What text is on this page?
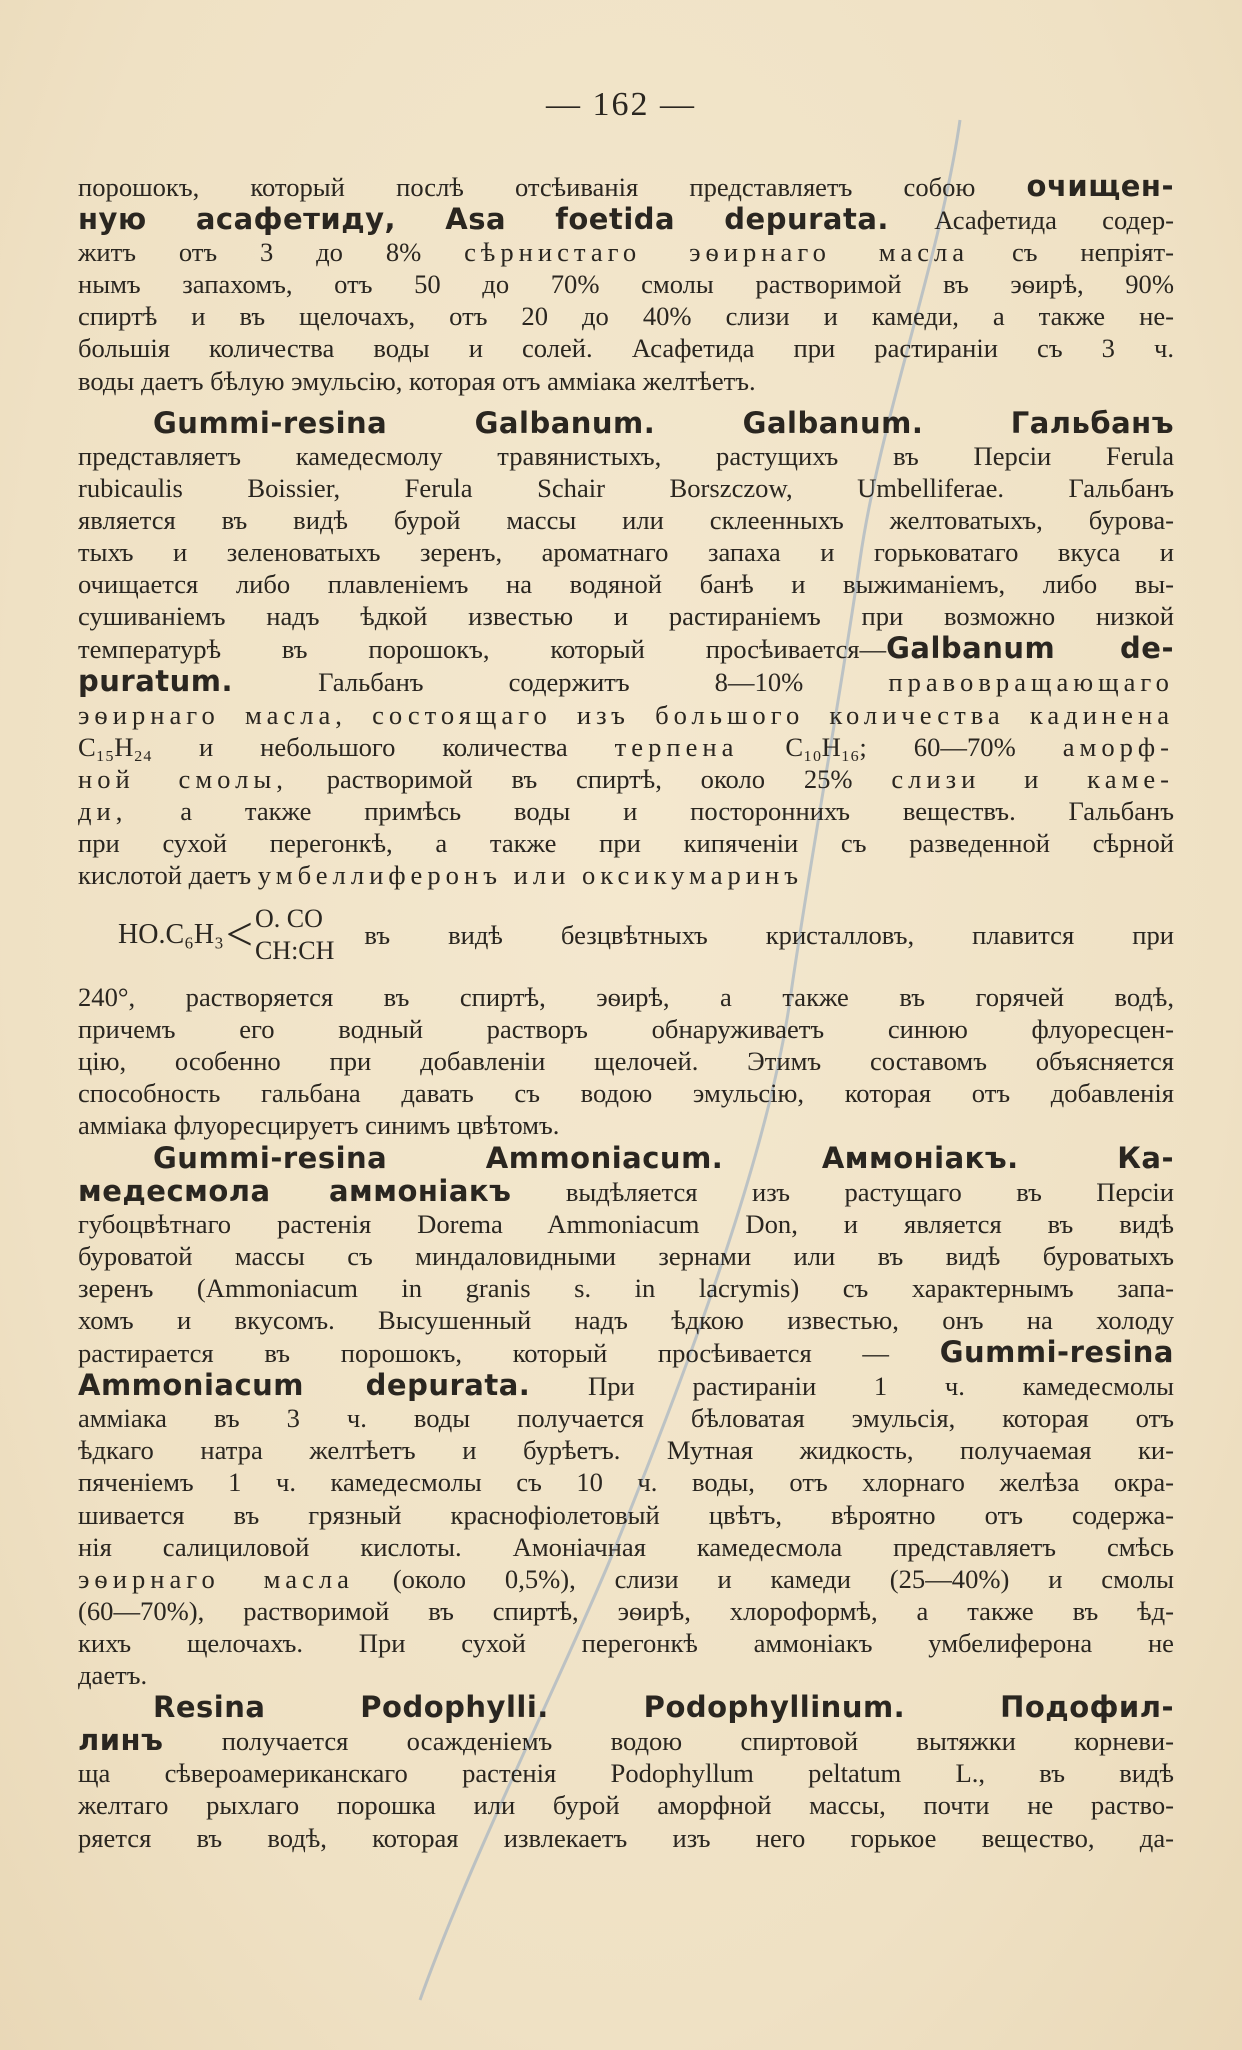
— 162 —

порошокъ, который послѣ отсѣиванія представляетъ собою очищен-

ную асафетиду, Asa foetida depurata. Асафетида содер-

житъ отъ 3 до 8% сѣрнистаго эѳирнаго масла съ непріят-

нымъ запахомъ, отъ 50 до 70% смолы растворимой въ эѳирѣ, 90%

спиртѣ и въ щелочахъ, отъ 20 до 40% слизи и камеди, а также не-

большія количества воды и солей. Асафетида при растираніи съ 3 ч.

воды даетъ бѣлую эмульсію, которая отъ амміака желтѣетъ.

Gummi-resina Galbanum. Galbanum. Гальбанъ

представляетъ камедесмолу травянистыхъ, растущихъ въ Персіи Ferula

rubicaulis Boissier, Ferula Schair Borszczow, Umbelliferae. Гальбанъ

является въ видѣ бурой массы или склеенныхъ желтоватыхъ, бурова-

тыхъ и зеленоватыхъ зеренъ, ароматнаго запаха и горьковатаго вкуса и

очищается либо плавленіемъ на водяной банѣ и выжиманіемъ, либо вы-

сушиваніемъ надъ ѣдкой известью и растираніемъ при возможно низкой

температурѣ въ порошокъ, который просѣивается—Galbanum de-

puratum.	Гальбанъ содержитъ 8—10%	правовращающаго

эѳирнаго масла, состоящаго изъ большого количества кадинена

C₁₅H₂₄ и небольшого количества терпена C₁₀H₁₆; 60—70% аморф-

ной смолы, растворимой въ спиртѣ, около 25% слизи и каме-

ди, а также примѣсь воды и постороннихъ веществъ. Гальбанъ

при сухой перегонкѣ, а также при кипяченіи съ разведенной сѣрной

кислотой даетъ умбеллиферонъ или оксикумаринъ

HO.C₆H₃ < O. CO
CH:CH
въ видѣ безцвѣтныхъ кристалловъ, плавится при

240°, растворяется въ спиртѣ, эѳирѣ, а также въ горячей водѣ,

причемъ его водный растворъ обнаруживаетъ синюю флуоресцен-

цію, особенно при добавленіи щелочей. Этимъ составомъ объясняется

способность гальбана давать съ водою эмульсію, которая отъ добавленія

амміака флуоресцируетъ синимъ цвѣтомъ.

Gummi-resina Ammoniacum. Аммоніакъ. Ка-

медесмола аммоніакъ выдѣляется изъ растущаго въ Персіи

губоцвѣтнаго растенія Dorema Ammoniacum Don, и является въ видѣ

буроватой массы съ миндаловидными зернами или въ видѣ буроватыхъ

зеренъ (Ammoniacum in granis s. in lacrymis) съ характернымъ запа-

хомъ и вкусомъ. Высушенный надъ ѣдкою известью, онъ на холоду

растирается въ порошокъ, который просѣивается — Gummi-resina

Ammoniacum depurata. При растираніи 1 ч. камедесмолы

амміака въ 3 ч. воды получается бѣловатая эмульсія, которая отъ

ѣдкаго натра желтѣетъ и бурѣетъ. Мутная жидкость, получаемая ки-

пяченіемъ 1 ч. камедесмолы съ 10 ч. воды, отъ хлорнаго желѣза окра-

шивается въ грязный краснофіолетовый цвѣтъ, вѣроятно отъ содержа-

нія салициловой кислоты. Амоніачная камедесмола представляетъ смѣсь

эѳирнаго масла (около 0,5%), слизи и камеди (25—40%) и смолы

(60—70%), растворимой въ спиртѣ, эѳирѣ, хлороформѣ, а также въ ѣд-

кихъ щелочахъ. При сухой перегонкѣ аммоніакъ умбелиферона не

даетъ.

Resina Podophylli. Podophyllinum. Подофил-

линъ получается осажденіемъ водою спиртовой вытяжки корневи-

ща сѣвероамериканскаго растенія Podophyllum peltatum L., въ видѣ

желтаго рыхлаго порошка или бурой аморфной массы, почти не раство-

ряется въ водѣ, которая извлекаетъ изъ него горькое вещество, да-
